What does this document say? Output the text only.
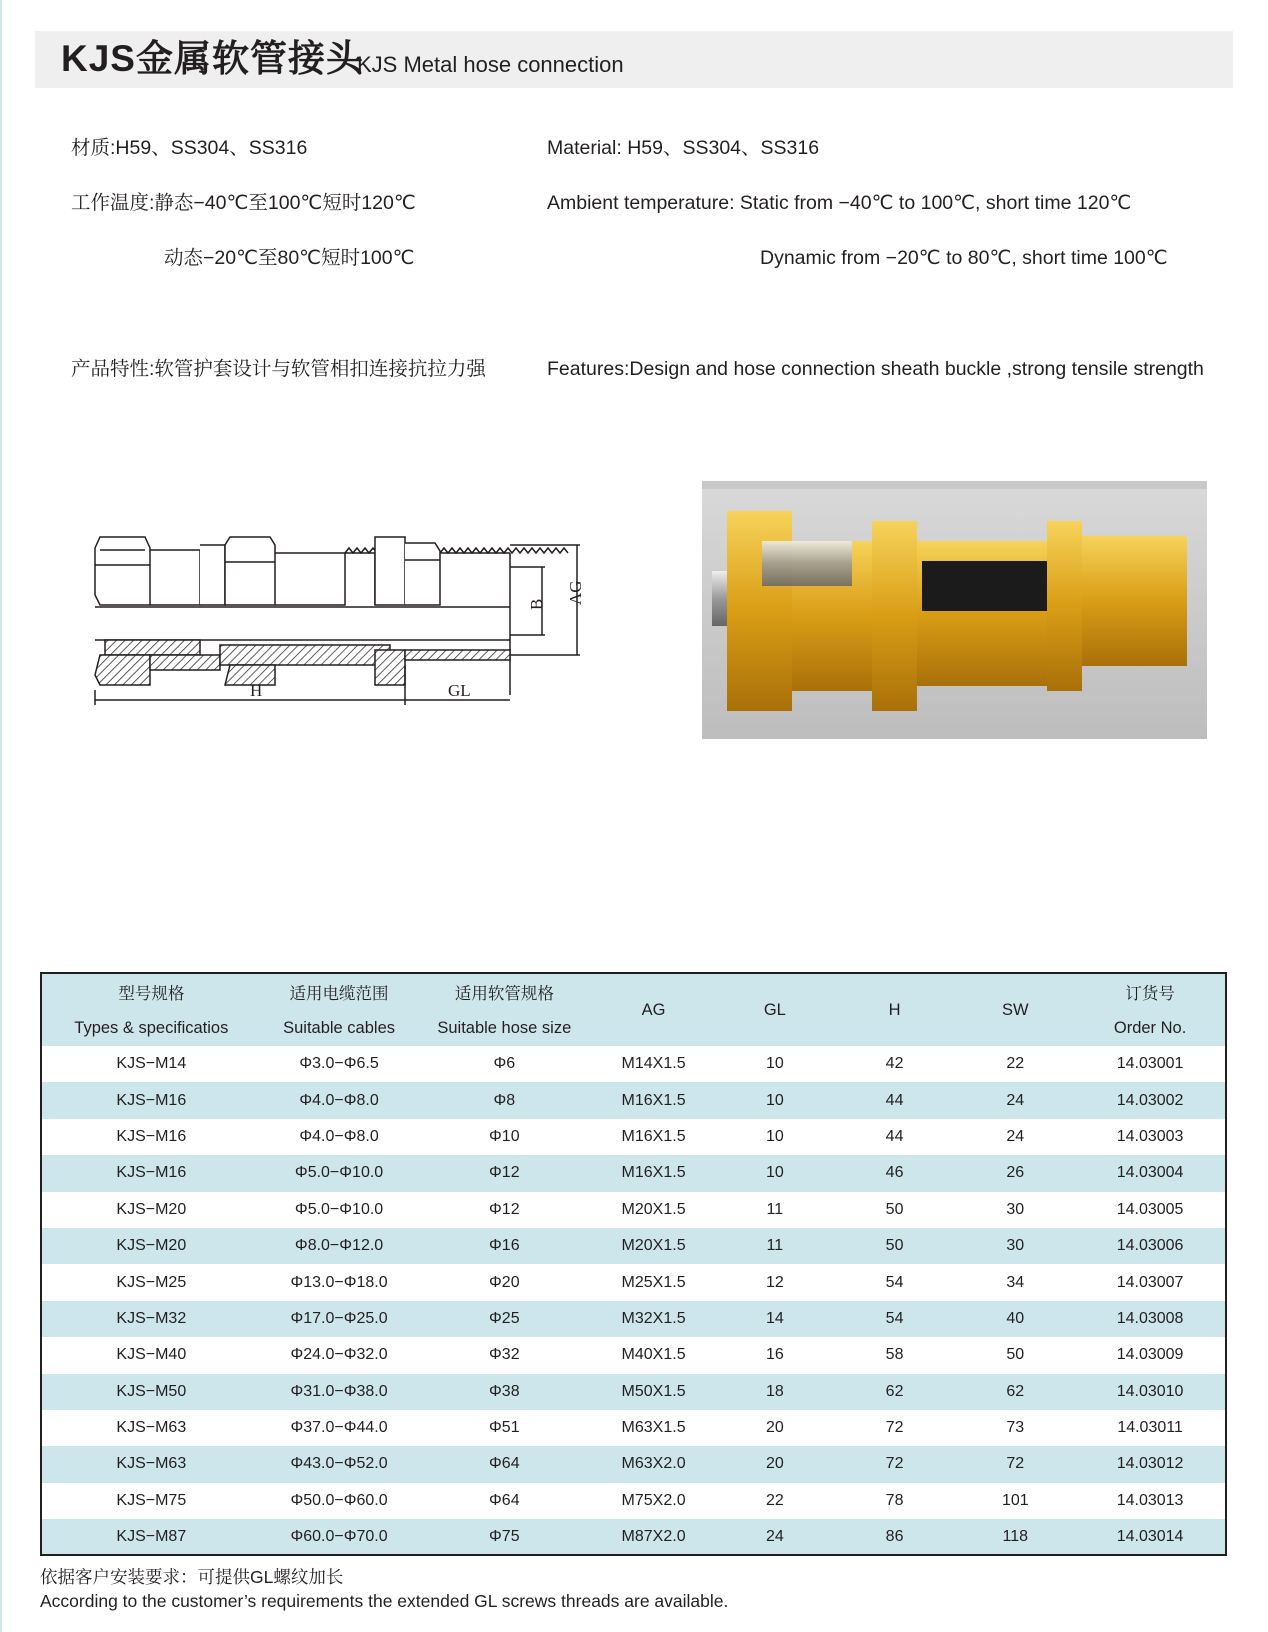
KJS金属软管接头
KJS Metal hose connection
材质:H59、SS304、SS316	Material: H59、SS304、SS316
工作温度:静态−40℃至100℃短时120℃	Ambient temperature: Static from −40℃ to 100℃, short time 120℃
动态−20℃至80℃短时100℃	Dynamic from −20℃ to 80℃, short time 100℃
产品特性:软管护套设计与软管相扣连接抗拉力强	Features:Design and hose connection sheath buckle ,strong tensile strength
H	GL
B AG
型号规格	适用电缆范围	适用软管规格	AG	GL	H	SW	订货号
Types & specificatios	Suitable cables	Suitable hose size					Order No.
KJS−M14	Φ3.0−Φ6.5	Φ6	M14X1.5	10	42	22	14.03001
KJS−M16	Φ4.0−Φ8.0	Φ8	M16X1.5	10	44	24	14.03002
KJS−M16	Φ4.0−Φ8.0	Φ10	M16X1.5	10	44	24	14.03003
KJS−M16	Φ5.0−Φ10.0	Φ12	M16X1.5	10	46	26	14.03004
KJS−M20	Φ5.0−Φ10.0	Φ12	M20X1.5	11	50	30	14.03005
KJS−M20	Φ8.0−Φ12.0	Φ16	M20X1.5	11	50	30	14.03006
KJS−M25	Φ13.0−Φ18.0	Φ20	M25X1.5	12	54	34	14.03007
KJS−M32	Φ17.0−Φ25.0	Φ25	M32X1.5	14	54	40	14.03008
KJS−M40	Φ24.0−Φ32.0	Φ32	M40X1.5	16	58	50	14.03009
KJS−M50	Φ31.0−Φ38.0	Φ38	M50X1.5	18	62	62	14.03010
KJS−M63	Φ37.0−Φ44.0	Φ51	M63X1.5	20	72	73	14.03011
KJS−M63	Φ43.0−Φ52.0	Φ64	M63X2.0	20	72	72	14.03012
KJS−M75	Φ50.0−Φ60.0	Φ64	M75X2.0	22	78	101	14.03013
KJS−M87	Φ60.0−Φ70.0	Φ75	M87X2.0	24	86	118	14.03014
依据客户安装要求：可提供GL螺纹加长
According to the customer’s requirements the extended GL screws threads are available.
